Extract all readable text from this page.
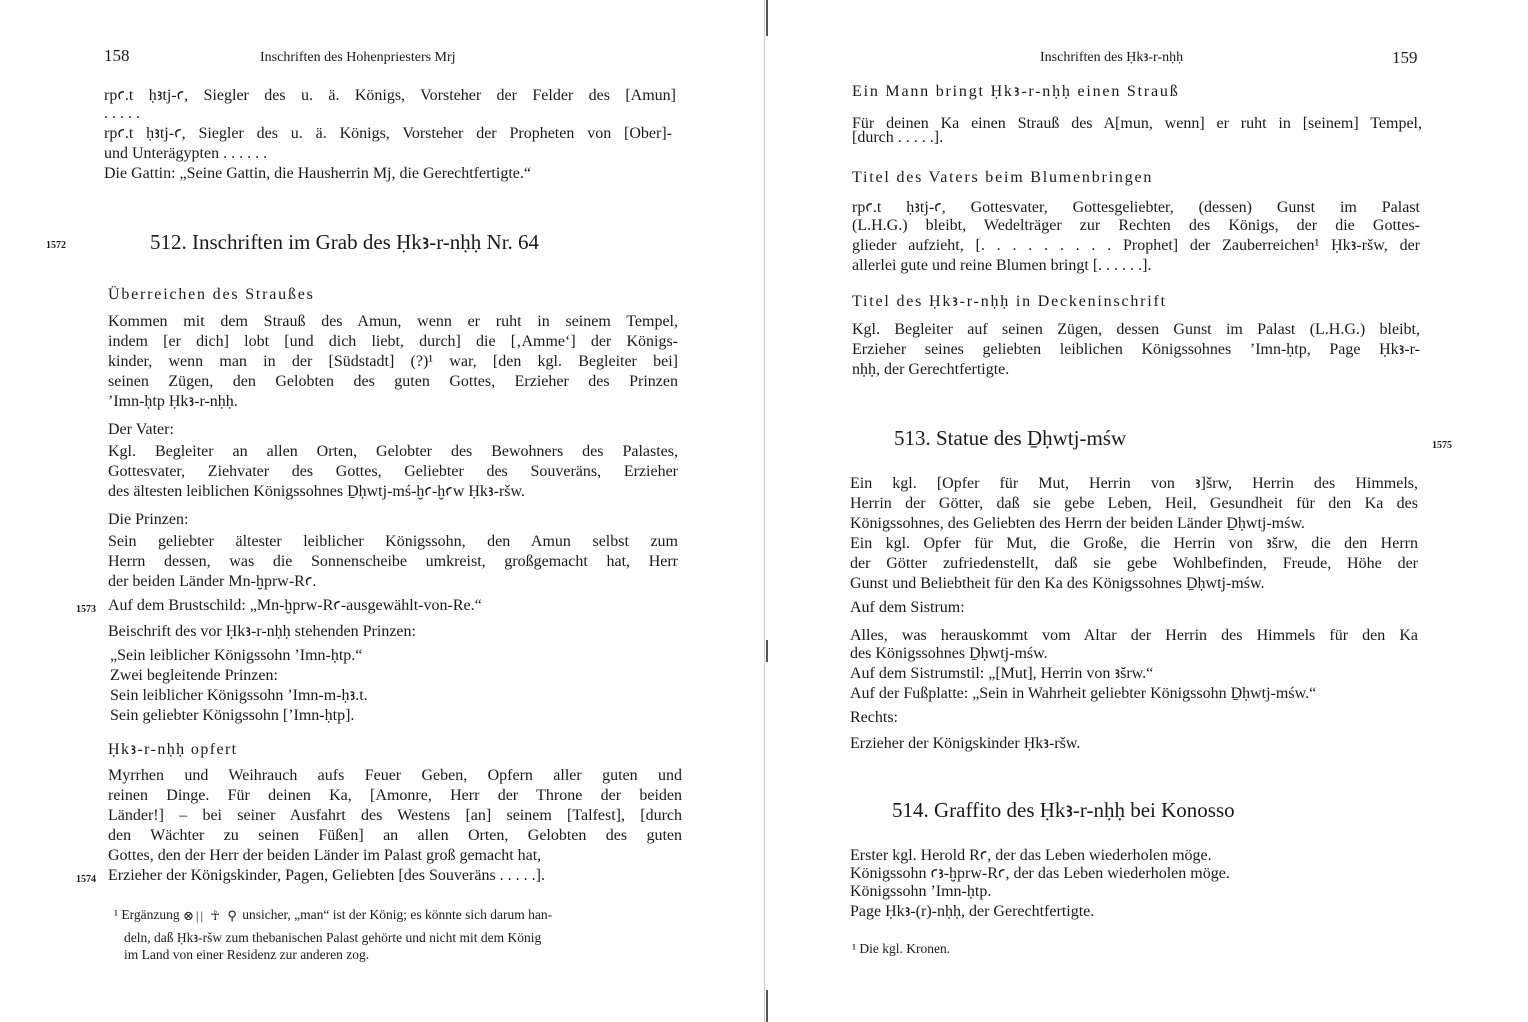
158	Inschriften des Hohenpriesters Mrj
rpꜥ.t ḥꜣtj-ꜥ, Siegler des u. ä. Königs, Vorsteher der Felder des [Amun]
. . . . .
rpꜥ.t ḥꜣtj-ꜥ, Siegler des u. ä. Königs, Vorsteher der Propheten von [Ober]-
und Unterägypten . . . . . .
Die Gattin: „Seine Gattin, die Hausherrin Mj, die Gerechtfertigte.“
1572	512. Inschriften im Grab des Ḥkꜣ-r-nḥḥ Nr. 64
Überreichen des Straußes
Kommen mit dem Strauß des Amun, wenn er ruht in seinem Tempel,
indem [er dich] lobt [und dich liebt, durch] die [‚Amme‘] der Königs-
kinder, wenn man in der [Südstadt] (?)¹ war, [den kgl. Begleiter bei]
seinen Zügen, den Gelobten des guten Gottes, Erzieher des Prinzen
’Imn-ḥtp Ḥkꜣ-r-nḥḥ.
Der Vater:
Kgl. Begleiter an allen Orten, Gelobter des Bewohners des Palastes,
Gottesvater, Ziehvater des Gottes, Geliebter des Souveräns, Erzieher
des ältesten leiblichen Königssohnes Ḏḥwtj-mś-ḫꜥ-ḫꜥw Ḥkꜣ-ršw.
Die Prinzen:
Sein geliebter ältester leiblicher Königssohn, den Amun selbst zum
Herrn dessen, was die Sonnenscheibe umkreist, großgemacht hat, Herr
der beiden Länder Mn-ḫprw-Rꜥ.
1573 Auf dem Brustschild: „Mn-ḫprw-Rꜥ-ausgewählt-von-Re.“
Beischrift des vor Ḥkꜣ-r-nḥḥ stehenden Prinzen:
„Sein leiblicher Königssohn ’Imn-ḥtp.“
Zwei begleitende Prinzen:
Sein leiblicher Königssohn ’Imn-m-ḥꜣ.t.
Sein geliebter Königssohn [’Imn-ḥtp].
Ḥkꜣ-r-nḥḥ opfert
Myrrhen und Weihrauch aufs Feuer Geben, Opfern aller guten und
reinen Dinge. Für deinen Ka, [Amonre, Herr der Throne der beiden
Länder!] – bei seiner Ausfahrt des Westens [an] seinem [Talfest], [durch
den Wächter zu seinen Füßen] an allen Orten, Gelobten des guten
Gottes, den der Herr der beiden Länder im Palast groß gemacht hat,
1574 Erzieher der Königskinder, Pagen, Geliebten [des Souveräns . . . . .].
¹ Ergänzung ⊗|| ☥ ⚲ unsicher, „man“ ist der König; es könnte sich darum han-
deln, daß Ḥkꜣ-ršw zum thebanischen Palast gehörte und nicht mit dem König
im Land von einer Residenz zur anderen zog.
Inschriften des Ḥkꜣ-r-nḥḥ	159
Ein Mann bringt Ḥkꜣ-r-nḥḥ einen Strauß
Für deinen Ka einen Strauß des A[mun, wenn] er ruht in [seinem] Tempel,
[durch . . . . .].
Titel des Vaters beim Blumenbringen
rpꜥ.t ḥꜣtj-ꜥ, Gottesvater, Gottesgeliebter, (dessen) Gunst im Palast
(L.H.G.) bleibt, Wedelträger zur Rechten des Königs, der die Gottes-
glieder aufzieht, [. . . . . . . . . Prophet] der Zauberreichen¹ Ḥkꜣ-ršw, der
allerlei gute und reine Blumen bringt [. . . . . .].
Titel des Ḥkꜣ-r-nḥḥ in Deckeninschrift
Kgl. Begleiter auf seinen Zügen, dessen Gunst im Palast (L.H.G.) bleibt,
Erzieher seines geliebten leiblichen Königssohnes ’Imn-ḥtp, Page Ḥkꜣ-r-
nḥḥ, der Gerechtfertigte.
513. Statue des Ḏḥwtj-mśw	1575
Ein kgl. [Opfer für Mut, Herrin von ꜣ]šrw, Herrin des Himmels,
Herrin der Götter, daß sie gebe Leben, Heil, Gesundheit für den Ka des
Königssohnes, des Geliebten des Herrn der beiden Länder Ḏḥwtj-mśw.
Ein kgl. Opfer für Mut, die Große, die Herrin von ꜣšrw, die den Herrn
der Götter zufriedenstellt, daß sie gebe Wohlbefinden, Freude, Höhe der
Gunst und Beliebtheit für den Ka des Königssohnes Ḏḥwtj-mśw.
Auf dem Sistrum:
Alles, was herauskommt vom Altar der Herrin des Himmels für den Ka
des Königssohnes Ḏḥwtj-mśw.
Auf dem Sistrumstil: „[Mut], Herrin von ꜣšrw.“
Auf der Fußplatte: „Sein in Wahrheit geliebter Königssohn Ḏḥwtj-mśw.“
Rechts:
Erzieher der Königskinder Ḥkꜣ-ršw.
514. Graffito des Ḥkꜣ-r-nḥḥ bei Konosso
Erster kgl. Herold Rꜥ, der das Leben wiederholen möge.
Königssohn ꜥꜣ-ḫprw-Rꜥ, der das Leben wiederholen möge.
Königssohn ’Imn-ḥtp.
Page Ḥkꜣ-(r)-nḥḥ, der Gerechtfertigte.
¹ Die kgl. Kronen.
